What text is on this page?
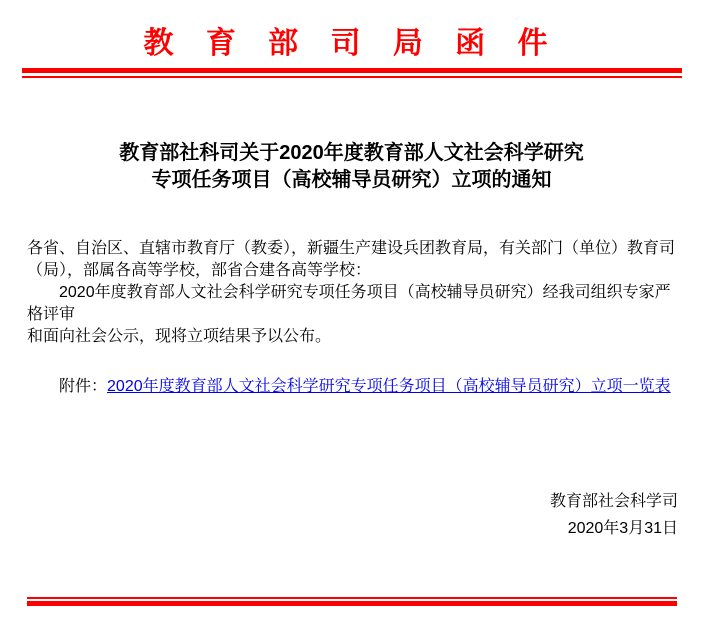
教 育 部 司 局 函 件
教育部社科司关于2020年度教育部人文社会科学研究
专项任务项目（高校辅导员研究）立项的通知
各省、自治区、直辖市教育厅（教委），新疆生产建设兵团教育局，有关部门（单位）教育司
（局），部属各高等学校，部省合建各高等学校：
2020年度教育部人文社会科学研究专项任务项目（高校辅导员研究）经我司组织专家严格评审
和面向社会公示，现将立项结果予以公布。
附件：2020年度教育部人文社会科学研究专项任务项目（高校辅导员研究）立项一览表
教育部社会科学司
2020年3月31日
